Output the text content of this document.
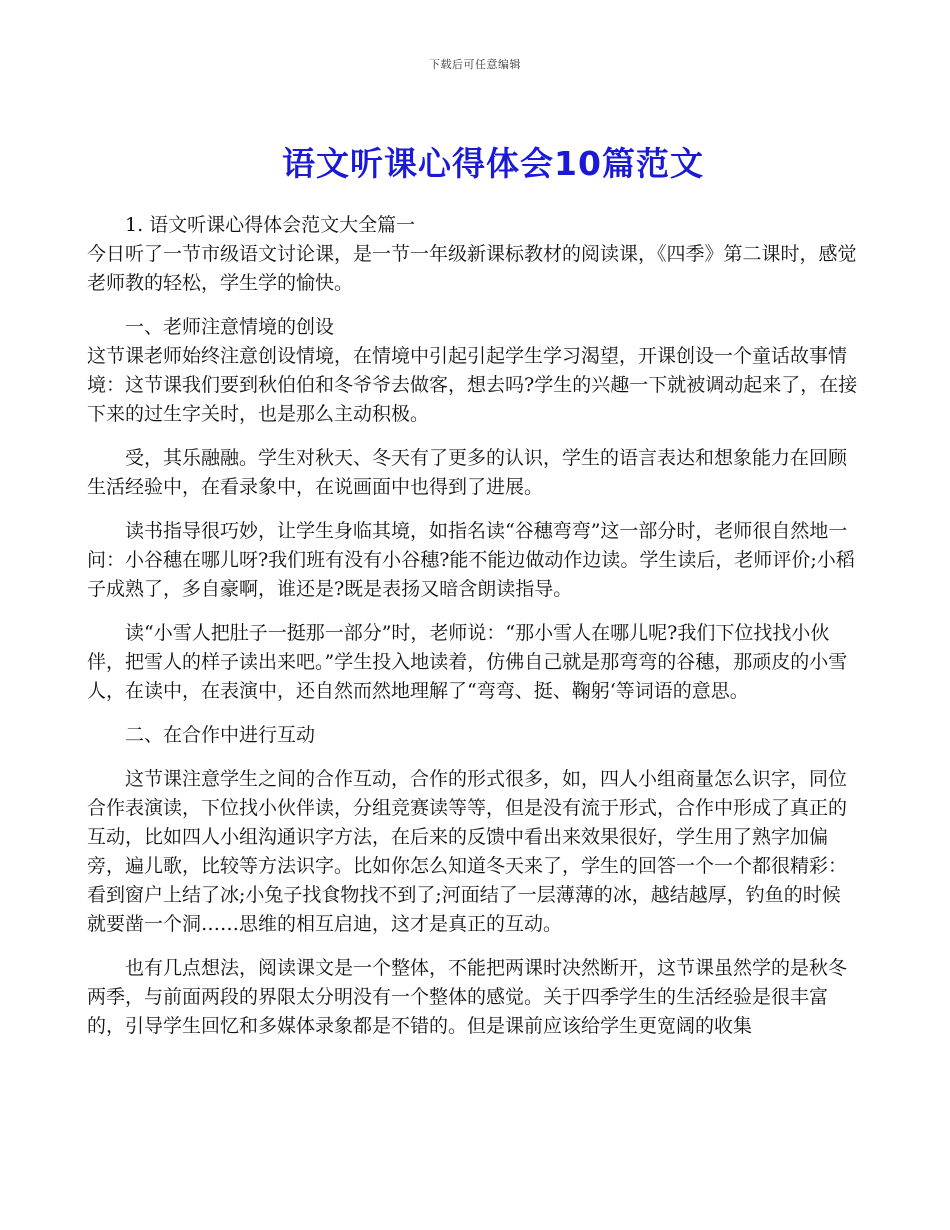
下载后可任意编辑
语文听课心得体会10篇范文

1. 语文听课心得体会范文大全篇一

今日听了一节市级语文讨论课，是一节一年级新课标教材的阅读课，《四季》第二课时，感觉老师教的轻松，学生学的愉快。

一、老师注意情境的创设

这节课老师始终注意创设情境，在情境中引起引起学生学习渴望，开课创设一个童话故事情境：这节课我们要到秋伯伯和冬爷爷去做客，想去吗?学生的兴趣一下就被调动起来了，在接下来的过生字关时，也是那么主动积极。

受，其乐融融。学生对秋天、冬天有了更多的认识，学生的语言表达和想象能力在回顾生活经验中，在看录象中，在说画面中也得到了进展。

读书指导很巧妙，让学生身临其境，如指名读“谷穗弯弯”这一部分时，老师很自然地一问：小谷穗在哪儿呀?我们班有没有小谷穗?能不能边做动作边读。学生读后，老师评价;小稻子成熟了，多自豪啊，谁还是?既是表扬又暗含朗读指导。

读“小雪人把肚子一挺那一部分”时，老师说：“那小雪人在哪儿呢?我们下位找找小伙伴，把雪人的样子读出来吧。”学生投入地读着，仿佛自己就是那弯弯的谷穗，那顽皮的小雪人，在读中，在表演中，还自然而然地理解了“弯弯、挺、鞠躬‘等词语的意思。

二、在合作中进行互动

这节课注意学生之间的合作互动，合作的形式很多，如，四人小组商量怎么识字，同位合作表演读，下位找小伙伴读，分组竞赛读等等，但是没有流于形式，合作中形成了真正的互动，比如四人小组沟通识字方法，在后来的反馈中看出来效果很好，学生用了熟字加偏旁，遍儿歌，比较等方法识字。比如你怎么知道冬天来了，学生的回答一个一个都很精彩：看到窗户上结了冰;小兔子找食物找不到了;河面结了一层薄薄的冰，越结越厚，钓鱼的时候就要凿一个洞……思维的相互启迪，这才是真正的互动。

也有几点想法，阅读课文是一个整体，不能把两课时决然断开，这节课虽然学的是秋冬两季，与前面两段的界限太分明没有一个整体的感觉。关于四季学生的生活经验是很丰富的，引导学生回忆和多媒体录象都是不错的。但是课前应该给学生更宽阔的收集
